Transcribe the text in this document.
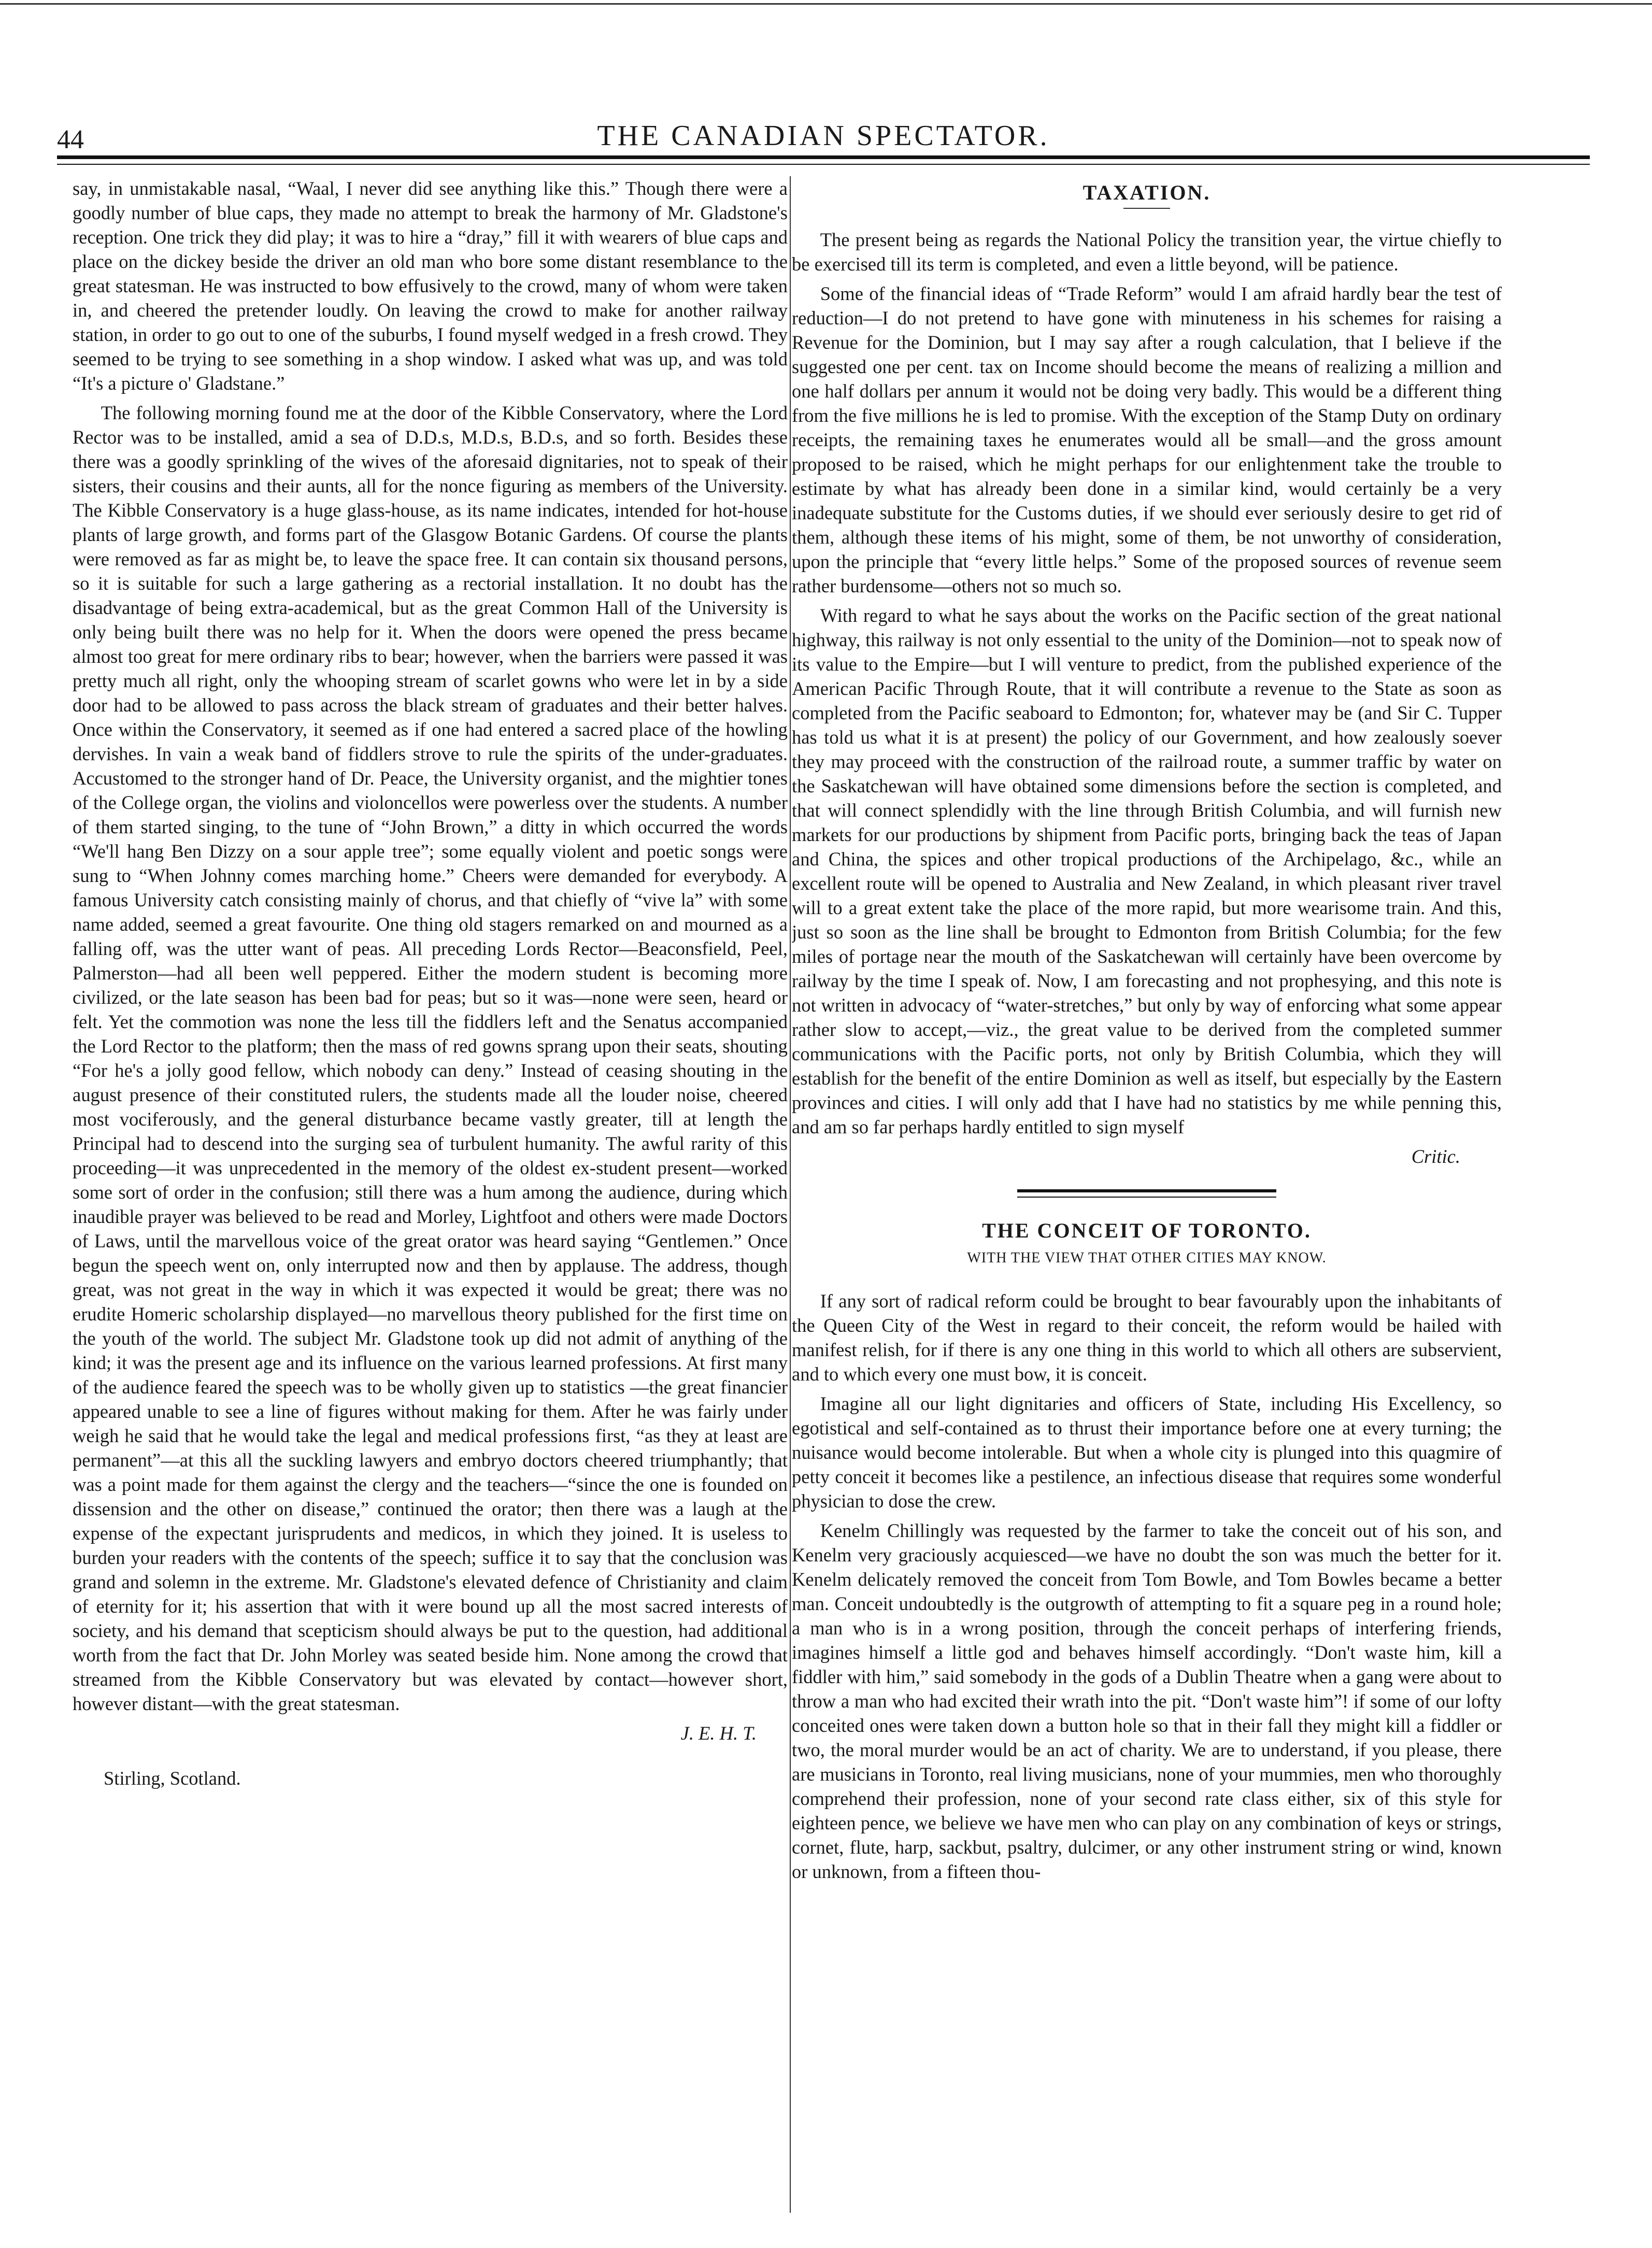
44	THE CANADIAN SPECTATOR.

say, in unmistakable nasal, “Waal, I never did see anything like this.” Though there were a goodly number of blue caps, they made no attempt to break the harmony of Mr. Gladstone's reception. One trick they did play; it was to hire a “dray,” fill it with wearers of blue caps and place on the dickey beside the driver an old man who bore some distant resemblance to the great statesman. He was instructed to bow effusively to the crowd, many of whom were taken in, and cheered the pretender loudly. On leaving the crowd to make for another railway station, in order to go out to one of the suburbs, I found myself wedged in a fresh crowd. They seemed to be trying to see something in a shop window. I asked what was up, and was told “It's a picture o' Gladstane.”

The following morning found me at the door of the Kibble Conservatory, where the Lord Rector was to be installed, amid a sea of D.D.s, M.D.s, B.D.s, and so forth. Besides these there was a goodly sprinkling of the wives of the aforesaid dignitaries, not to speak of their sisters, their cousins and their aunts, all for the nonce figuring as members of the University. The Kibble Conservatory is a huge glass-house, as its name indicates, intended for hot-house plants of large growth, and forms part of the Glasgow Botanic Gardens. Of course the plants were removed as far as might be, to leave the space free. It can contain six thousand persons, so it is suitable for such a large gathering as a rectorial installation. It no doubt has the disadvantage of being extra-academical, but as the great Common Hall of the University is only being built there was no help for it. When the doors were opened the press became almost too great for mere ordinary ribs to bear; however, when the barriers were passed it was pretty much all right, only the whooping stream of scarlet gowns who were let in by a side door had to be allowed to pass across the black stream of graduates and their better halves. Once within the Conservatory, it seemed as if one had entered a sacred place of the howling dervishes. In vain a weak band of fiddlers strove to rule the spirits of the under-graduates. Accustomed to the stronger hand of Dr. Peace, the University organist, and the mightier tones of the College organ, the violins and violoncellos were powerless over the students. A number of them started singing, to the tune of “John Brown,” a ditty in which occurred the words “We'll hang Ben Dizzy on a sour apple tree”; some equally violent and poetic songs were sung to “When Johnny comes marching home.” Cheers were demanded for everybody. A famous University catch consisting mainly of chorus, and that chiefly of “vive la” with some name added, seemed a great favourite. One thing old stagers remarked on and mourned as a falling off, was the utter want of peas. All preceding Lords Rector—Beaconsfield, Peel, Palmerston—had all been well peppered. Either the modern student is becoming more civilized, or the late season has been bad for peas; but so it was—none were seen, heard or felt. Yet the commotion was none the less till the fiddlers left and the Senatus accompanied the Lord Rector to the platform; then the mass of red gowns sprang upon their seats, shouting “For he's a jolly good fellow, which nobody can deny.” Instead of ceasing shouting in the august presence of their constituted rulers, the students made all the louder noise, cheered most vociferously, and the general disturbance became vastly greater, till at length the Principal had to descend into the surging sea of turbulent humanity. The awful rarity of this proceeding—it was unprecedented in the memory of the oldest ex-student present—worked some sort of order in the confusion; still there was a hum among the audience, during which inaudible prayer was believed to be read and Morley, Lightfoot and others were made Doctors of Laws, until the marvellous voice of the great orator was heard saying “Gentlemen.” Once begun the speech went on, only interrupted now and then by applause. The address, though great, was not great in the way in which it was expected it would be great; there was no erudite Homeric scholarship displayed—no marvellous theory published for the first time on the youth of the world. The subject Mr. Gladstone took up did not admit of anything of the kind; it was the present age and its influence on the various learned professions. At first many of the audience feared the speech was to be wholly given up to statistics —the great financier appeared unable to see a line of figures without making for them. After he was fairly under weigh he said that he would take the legal and medical professions first, “as they at least are permanent”—at this all the suckling lawyers and embryo doctors cheered triumphantly; that was a point made for them against the clergy and the teachers—“since the one is founded on dissension and the other on disease,” continued the orator; then there was a laugh at the expense of the expectant jurisprudents and medicos, in which they joined. It is useless to burden your readers with the contents of the speech; suffice it to say that the conclusion was grand and solemn in the extreme. Mr. Gladstone's elevated defence of Christianity and claim of eternity for it; his assertion that with it were bound up all the most sacred interests of society, and his demand that scepticism should always be put to the question, had additional worth from the fact that Dr. John Morley was seated beside him. None among the crowd that streamed from the Kibble Conservatory but was elevated by contact—however short, however distant—with the great statesman.

J. E. H. T.
Stirling, Scotland.
TAXATION.

The present being as regards the National Policy the transition year, the virtue chiefly to be exercised till its term is completed, and even a little beyond, will be patience.

Some of the financial ideas of “Trade Reform” would I am afraid hardly bear the test of reduction—I do not pretend to have gone with minuteness in his schemes for raising a Revenue for the Dominion, but I may say after a rough calculation, that I believe if the suggested one per cent. tax on Income should become the means of realizing a million and one half dollars per annum it would not be doing very badly. This would be a different thing from the five millions he is led to promise. With the exception of the Stamp Duty on ordinary receipts, the remaining taxes he enumerates would all be small—and the gross amount proposed to be raised, which he might perhaps for our enlightenment take the trouble to estimate by what has already been done in a similar kind, would certainly be a very inadequate substitute for the Customs duties, if we should ever seriously desire to get rid of them, although these items of his might, some of them, be not unworthy of consideration, upon the principle that “every little helps.” Some of the proposed sources of revenue seem rather burdensome—others not so much so.

With regard to what he says about the works on the Pacific section of the great national highway, this railway is not only essential to the unity of the Dominion—not to speak now of its value to the Empire—but I will venture to predict, from the published experience of the American Pacific Through Route, that it will contribute a revenue to the State as soon as completed from the Pacific seaboard to Edmonton; for, whatever may be (and Sir C. Tupper has told us what it is at present) the policy of our Government, and how zealously soever they may proceed with the construction of the railroad route, a summer traffic by water on the Saskatchewan will have obtained some dimensions before the section is completed, and that will connect splendidly with the line through British Columbia, and will furnish new markets for our productions by shipment from Pacific ports, bringing back the teas of Japan and China, the spices and other tropical productions of the Archipelago, &c., while an excellent route will be opened to Australia and New Zealand, in which pleasant river travel will to a great extent take the place of the more rapid, but more wearisome train. And this, just so soon as the line shall be brought to Edmonton from British Columbia; for the few miles of portage near the mouth of the Saskatchewan will certainly have been overcome by railway by the time I speak of. Now, I am forecasting and not prophesying, and this note is not written in advocacy of “water-stretches,” but only by way of enforcing what some appear rather slow to accept,—viz., the great value to be derived from the completed summer communications with the Pacific ports, not only by British Columbia, which they will establish for the benefit of the entire Dominion as well as itself, but especially by the Eastern provinces and cities. I will only add that I have had no statistics by me while penning this, and am so far perhaps hardly entitled to sign myself

Critic.
THE CONCEIT OF TORONTO.
WITH THE VIEW THAT OTHER CITIES MAY KNOW.

If any sort of radical reform could be brought to bear favourably upon the inhabitants of the Queen City of the West in regard to their conceit, the reform would be hailed with manifest relish, for if there is any one thing in this world to which all others are subservient, and to which every one must bow, it is conceit.

Imagine all our light dignitaries and officers of State, including His Excellency, so egotistical and self-contained as to thrust their importance before one at every turning; the nuisance would become intolerable. But when a whole city is plunged into this quagmire of petty conceit it becomes like a pestilence, an infectious disease that requires some wonderful physician to dose the crew.

Kenelm Chillingly was requested by the farmer to take the conceit out of his son, and Kenelm very graciously acquiesced—we have no doubt the son was much the better for it. Kenelm delicately removed the conceit from Tom Bowle, and Tom Bowles became a better man. Conceit undoubtedly is the outgrowth of attempting to fit a square peg in a round hole; a man who is in a wrong position, through the conceit perhaps of interfering friends, imagines himself a little god and behaves himself accordingly. “Don't waste him, kill a fiddler with him,” said somebody in the gods of a Dublin Theatre when a gang were about to throw a man who had excited their wrath into the pit. “Don't waste him”! if some of our lofty conceited ones were taken down a button hole so that in their fall they might kill a fiddler or two, the moral murder would be an act of charity. We are to understand, if you please, there are musicians in Toronto, real living musicians, none of your mummies, men who thoroughly comprehend their profession, none of your second rate class either, six of this style for eighteen pence, we believe we have men who can play on any combination of keys or strings, cornet, flute, harp, sackbut, psaltry, dulcimer, or any other instrument string or wind, known or unknown, from a fifteen thou-
